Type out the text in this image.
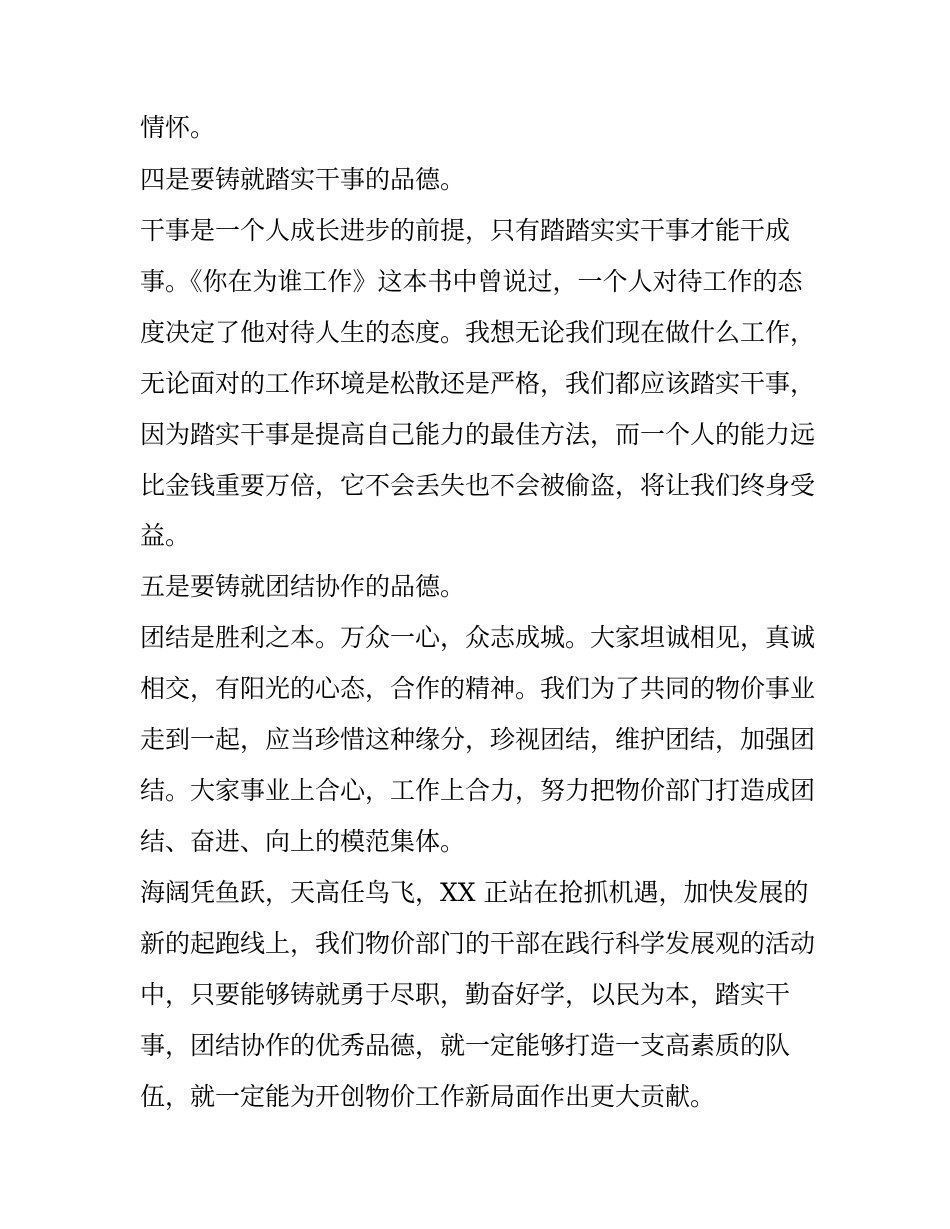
情怀。
四是要铸就踏实干事的品德。
干事是一个人成长进步的前提，只有踏踏实实干事才能干成
事。《你在为谁工作》这本书中曾说过，一个人对待工作的态
度决定了他对待人生的态度。我想无论我们现在做什么工作，
无论面对的工作环境是松散还是严格，我们都应该踏实干事，
因为踏实干事是提高自己能力的最佳方法，而一个人的能力远
比金钱重要万倍，它不会丢失也不会被偷盗，将让我们终身受
益。
五是要铸就团结协作的品德。
团结是胜利之本。万众一心，众志成城。大家坦诚相见，真诚
相交，有阳光的心态，合作的精神。我们为了共同的物价事业
走到一起，应当珍惜这种缘分，珍视团结，维护团结，加强团
结。大家事业上合心，工作上合力，努力把物价部门打造成团
结、奋进、向上的模范集体。
海阔凭鱼跃，天高任鸟飞，XX 正站在抢抓机遇，加快发展的
新的起跑线上，我们物价部门的干部在践行科学发展观的活动
中，只要能够铸就勇于尽职，勤奋好学，以民为本，踏实干
事，团结协作的优秀品德，就一定能够打造一支高素质的队
伍，就一定能为开创物价工作新局面作出更大贡献。
